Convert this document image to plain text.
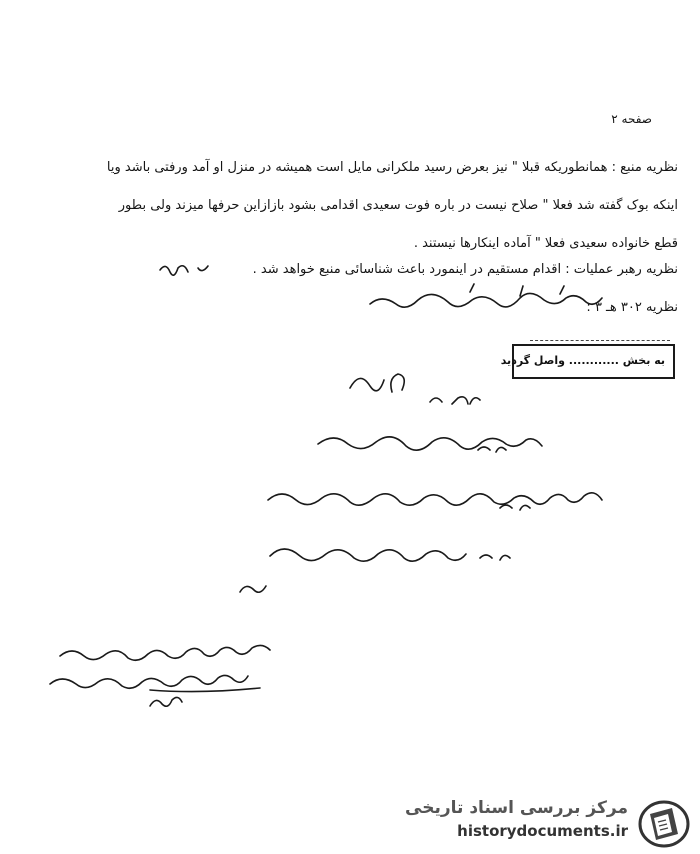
صفحه ۲
نظریه منبع : همانطوریکه قبلا " نیز بعرض رسید ملکرانی مایل است همیشه در منزل او آمد ورفتی باشد ویا
اینکه بوک گفته شد فعلا " صلاح نیست در باره فوت سعیدی اقدامی بشود بازازاین حرفها میزند ولی بطور
قطع خانواده سعیدی فعلا " آماده اینکارها نیستند .
نظریه رهبر عملیات : اقدام مستقیم در اینمورد باعث شناسائی منبع خواهد شد .
نظریه ۳۰۲ هـ ۳ :
به بخش ............ واصل گردید
مرکز بررسی اسناد تاریخی
historydocuments.ir
